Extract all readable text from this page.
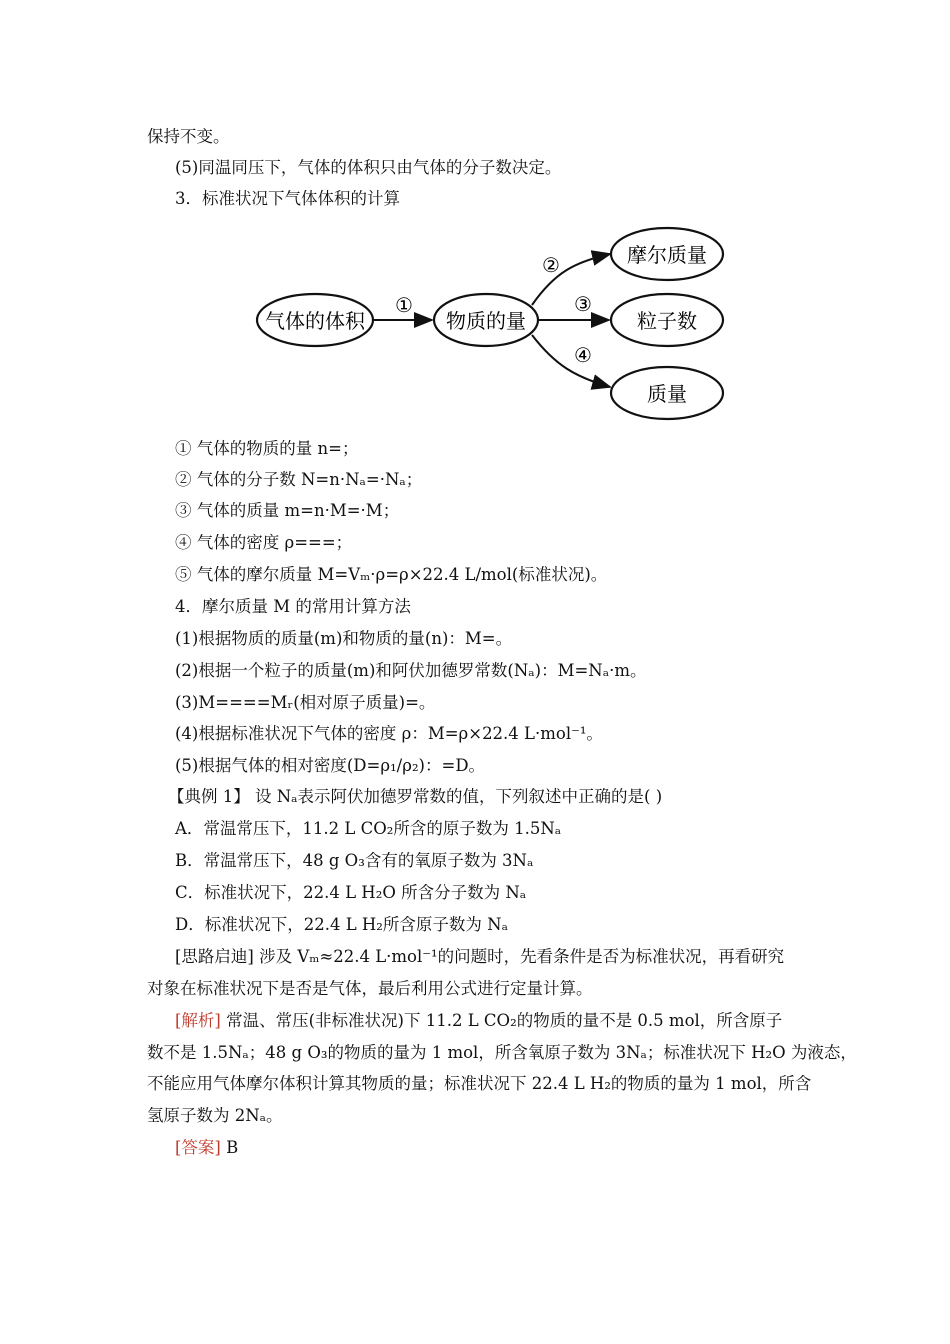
保持不变。
(5)同温同压下，气体的体积只由气体的分子数决定。
3．标准状况下气体体积的计算
气体的体积	物质的量
摩尔质量
粒子数
质量
①
②
③
④
① 气体的物质的量 n=；
② 气体的分子数 N=n·Nₐ=·Nₐ；
③ 气体的质量 m=n·M=·M；
④ 气体的密度 ρ===；
⑤ 气体的摩尔质量 M=Vₘ·ρ=ρ×22.4 L/mol(标准状况)。
4．摩尔质量 M 的常用计算方法
(1)根据物质的质量(m)和物质的量(n)：M=。
(2)根据一个粒子的质量(m)和阿伏加德罗常数(Nₐ)：M=Nₐ·m。
(3)M====Mᵣ(相对原子质量)=。
(4)根据标准状况下气体的密度 ρ：M=ρ×22.4 L·mol⁻¹。
(5)根据气体的相对密度(D=ρ₁/ρ₂)：=D。
【典例 1】 设 Nₐ表示阿伏加德罗常数的值，下列叙述中正确的是( )
A．常温常压下，11.2 L CO₂所含的原子数为 1.5Nₐ
B．常温常压下，48 g O₃含有的氧原子数为 3Nₐ
C．标准状况下，22.4 L H₂O 所含分子数为 Nₐ
D．标准状况下，22.4 L H₂所含原子数为 Nₐ
[思路启迪] 涉及 Vₘ≈22.4 L·mol⁻¹的问题时，先看条件是否为标准状况，再看研究
对象在标准状况下是否是气体，最后利用公式进行定量计算。
[解析] 常温、常压(非标准状况)下 11.2 L CO₂的物质的量不是 0.5 mol，所含原子
数不是 1.5Nₐ；48 g O₃的物质的量为 1 mol，所含氧原子数为 3Nₐ；标准状况下 H₂O 为液态，
不能应用气体摩尔体积计算其物质的量；标准状况下 22.4 L H₂的物质的量为 1 mol，所含
氢原子数为 2Nₐ。
[答案] B
